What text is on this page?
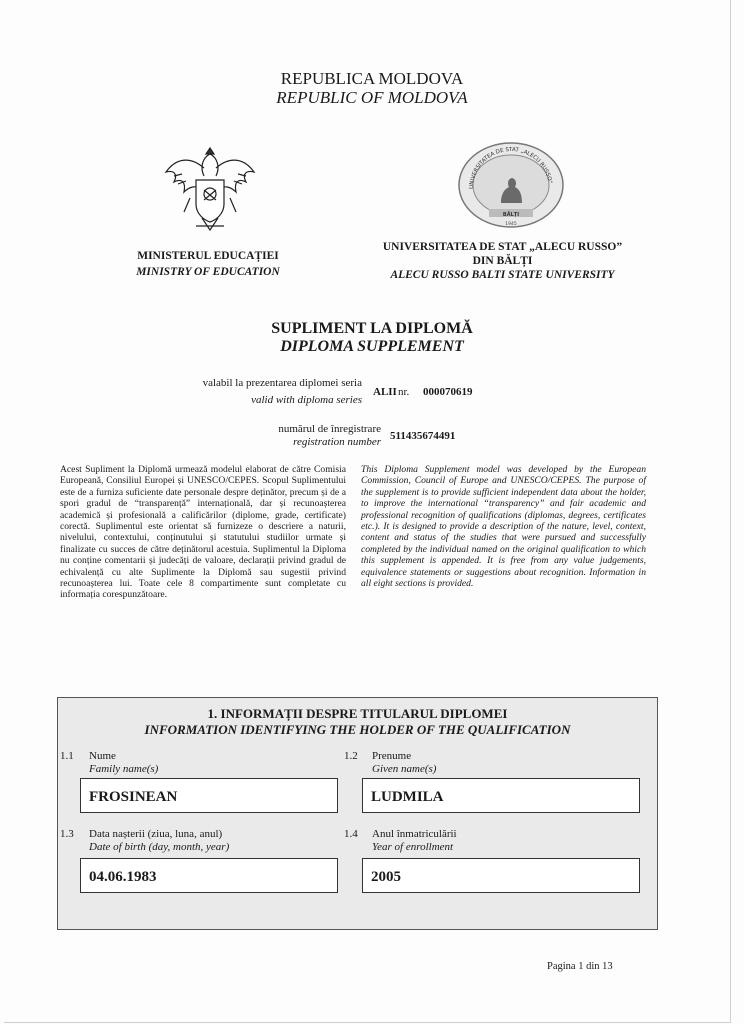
REPUBLICA MOLDOVA
REPUBLIC OF MOLDOVA
UNIVERSITATEA DE STAT „ALECU RUSSO”
BĂLȚI
1945
MINISTERUL EDUCAȚIEI
MINISTRY OF EDUCATION
UNIVERSITATEA DE STAT „ALECU RUSSO”
DIN BĂLȚI
ALECU RUSSO BALTI STATE UNIVERSITY
SUPLIMENT LA DIPLOMĂ
DIPLOMA SUPPLEMENT
valabil la prezentarea diplomei seria
valid with diploma series
ALII nr. 000070619
numărul de înregistrare
registration number 511435674491
Acest Supliment la Diplomă urmează modelul elaborat de către Comisia Europeană, Consiliul Europei și UNESCO/CEPES. Scopul Suplimentului este de a furniza suficiente date personale despre deținător, precum și de a spori gradul de “transparență” internațională, dar și recunoașterea academică și profesională a calificărilor (diplome, grade, certificate) corectă. Suplimentul este orientat să furnizeze o descriere a naturii, nivelului, contextului, conținutului și statutului studiilor urmate și finalizate cu succes de către deținătorul acestuia. Suplimentul la Diploma nu conține comentarii și judecăți de valoare, declarații privind gradul de echivalență cu alte Suplimente la Diplomă sau sugestii privind recunoașterea lui. Toate cele 8 compartimente sunt completate cu informația corespunzătoare.
This Diploma Supplement model was developed by the European Commission, Council of Europe and UNESCO/CEPES. The purpose of the supplement is to provide sufficient independent data about the holder, to improve the international “transparency” and fair academic and professional recognition of qualifications (diplomas, degrees, certificates etc.). It is designed to provide a description of the nature, level, context, content and status of the studies that were pursued and successfully completed by the individual named on the original qualification to which this supplement is appended. It is free from any value judgements, equivalence statements or suggestions about recognition. Information in all eight sections is provided.
1. INFORMAȚII DESPRE TITULARUL DIPLOMEI
INFORMATION IDENTIFYING THE HOLDER OF THE QUALIFICATION
1.1 Nume
Family name(s)
FROSINEAN
1.2 Prenume
Given name(s)
LUDMILA
1.3 Data nașterii (ziua, luna, anul)
Date of birth (day, month, year)
04.06.1983
1.4 Anul înmatriculării
Year of enrollment
2005
Pagina 1 din 13
